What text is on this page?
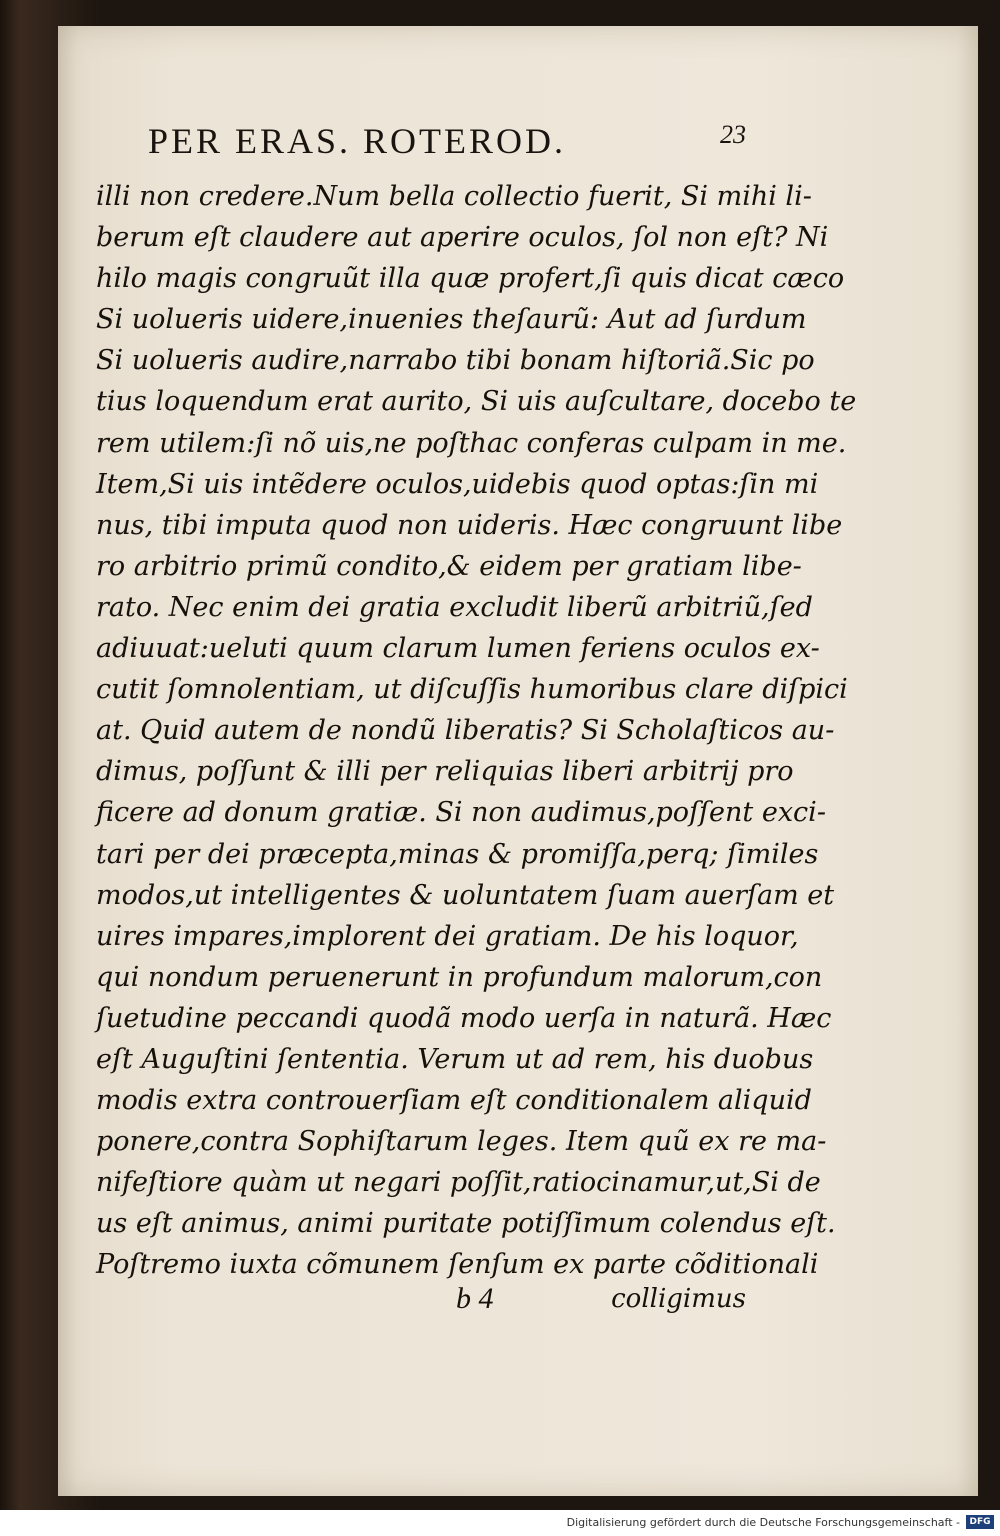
PER ERAS. ROTEROD.	23
illi non credere.Num bella collectio fuerit, Si mihi li-
berum eſt claudere aut aperire oculos, ſol non eſt? Ni
hilo magis congruũt illa quæ profert,ſi quis dicat cæco
Si uolueris uidere,inuenies theſaurũ: Aut ad ſurdum
Si uolueris audire,narrabo tibi bonam hiſtoriã.Sic po
tius loquendum erat aurito, Si uis auſcultare, docebo te
rem utilem:ſi nõ uis,ne poſthac conferas culpam in me.
Item,Si uis intẽdere oculos,uidebis quod optas:ſin mi
nus, tibi imputa quod non uideris. Hæc congruunt libe
ro arbitrio primũ condito,& eidem per gratiam libe-
rato. Nec enim dei gratia excludit liberũ arbitriũ,ſed
adiuuat:ueluti quum clarum lumen feriens oculos ex-
cutit ſomnolentiam, ut diſcuſſis humoribus clare diſpici
at. Quid autem de nondũ liberatis? Si Scholaſticos au-
dimus, poſſunt & illi per reliquias liberi arbitrij pro
ficere ad donum gratiæ. Si non audimus,poſſent exci-
tari per dei præcepta,minas & promiſſa,perq; ſimiles
modos,ut intelligentes & uoluntatem ſuam auerſam et
uires impares,implorent dei gratiam. De his loquor,
qui nondum peruenerunt in profundum malorum,con
ſuetudine peccandi quodã modo uerſa in naturã. Hæc
eſt Auguſtini ſententia. Verum ut ad rem, his duobus
modis extra controuerſiam eſt conditionalem aliquid
ponere,contra Sophiſtarum leges. Item quũ ex re ma-
nifeſtiore quàm ut negari poſſit,ratiocinamur,ut,Si de
us eſt animus, animi puritate potiſſimum colendus eſt.
Poſtremo iuxta cõmunem ſenſum ex parte cõditionali
b 4	colligimus
Digitalisierung gefördert durch die Deutsche Forschungsgemeinschaft -	DFG
